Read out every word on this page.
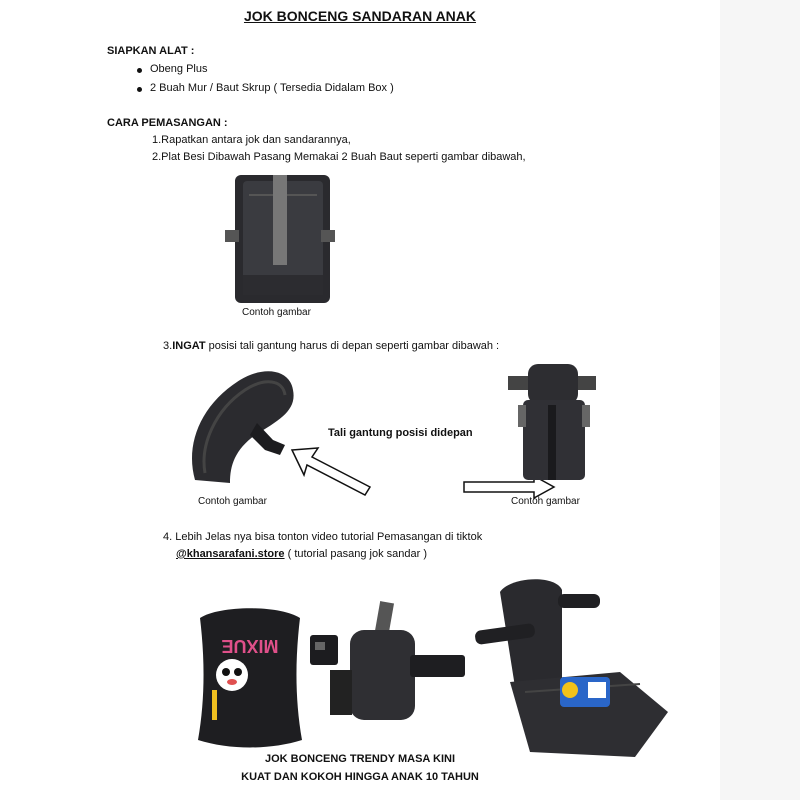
JOK BONCENG SANDARAN ANAK
SIAPKAN ALAT :
Obeng Plus
2 Buah Mur / Baut Skrup ( Tersedia Didalam Box )
CARA PEMASANGAN :
1.Rapatkan antara jok dan sandarannya,
2.Plat Besi Dibawah Pasang Memakai 2 Buah Baut seperti gambar dibawah,
Contoh gambar
3.INGAT posisi tali gantung harus di depan seperti gambar dibawah :
Contoh gambar
Tali gantung posisi didepan
Contoh gambar
4. Lebih Jelas nya bisa tonton video tutorial Pemasangan di tiktok
@khansarafani.store ( tutorial pasang jok sandar )
MIXUE
JOK BONCENG TRENDY MASA KINI
KUAT DAN KOKOH HINGGA ANAK 10 TAHUN
